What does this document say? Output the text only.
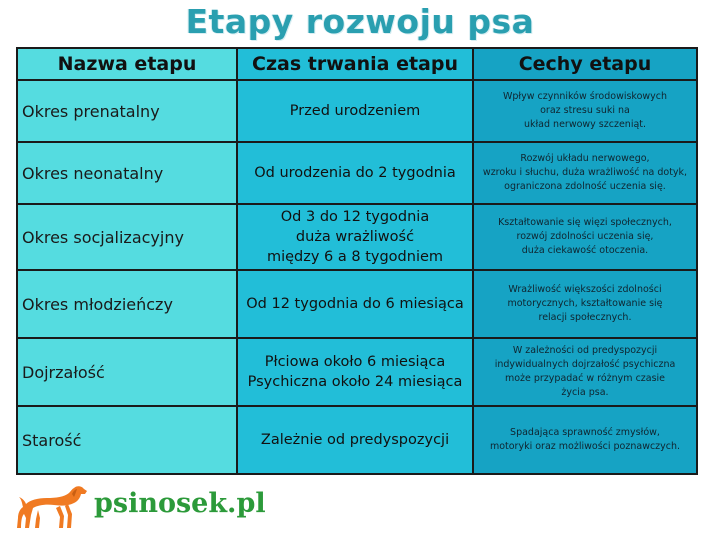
Etapy rozwoju psa
Nazwa etapu	Czas trwania etapu	Cechy etapu
Okres prenatalny	Przed urodzeniem	Wpływ czynników środowiskowych
oraz stresu suki na
układ nerwowy szczeniąt.

Okres neonatalny	Od urodzenia do 2 tygodnia	Rozwój układu nerwowego,
wzroku i słuchu, duża wrażliwość na dotyk,
ograniczona zdolność uczenia się.

Okres socjalizacyjny	Od 3 do 12 tygodnia
duża wrażliwość
między 6 a 8 tygodniem	Kształtowanie się więzi społecznych,
rozwój zdolności uczenia się,
duża ciekawość otoczenia.

Okres młodzieńczy	Od 12 tygodnia do 6 miesiąca	Wrażliwość większości zdolności
motorycznych, kształtowanie się
relacji społecznych.

Dojrzałość	Płciowa około 6 miesiąca
Psychiczna około 24 miesiąca	W zależności od predyspozycji
indywidualnych dojrzałość psychiczna
może przypadać w różnym czasie
życia psa.

Starość	Zależnie od predyspozycji	Spadająca sprawność zmysłów,
motoryki oraz możliwości poznawczych.
psinosek.pl
